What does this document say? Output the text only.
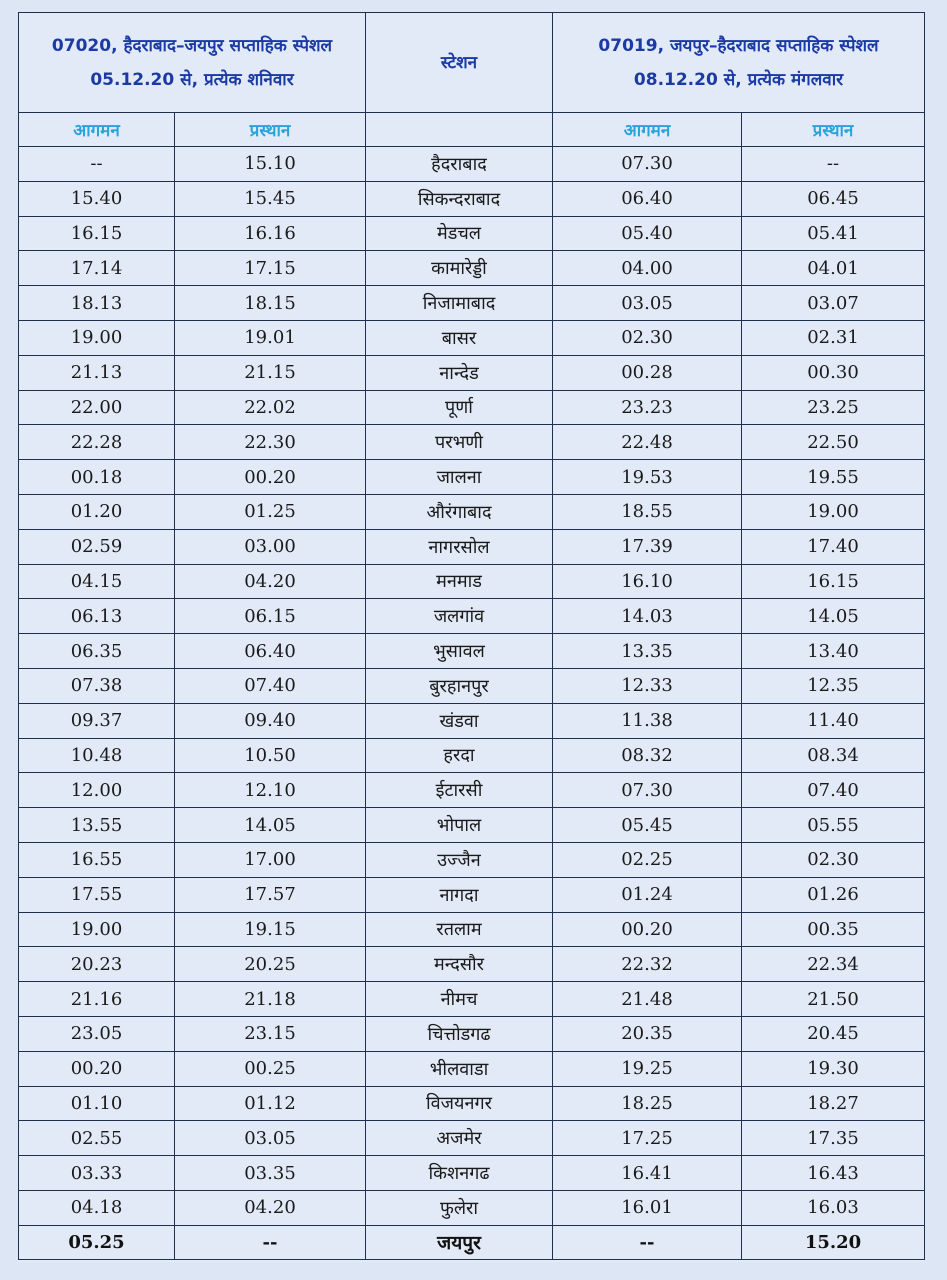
07020, हैदराबाद–जयपुर सप्ताहिक स्पेशल
05.12.20 से, प्रत्येक शनिवार		स्टेशन	07019, जयपुर–हैदराबाद सप्ताहिक स्पेशल
08.12.20 से, प्रत्येक मंगलवार	

आगमन	प्रस्थान		आगमन	प्रस्थान
--	15.10	हैदराबाद	07.30	--
15.40	15.45	सिकन्दराबाद	06.40	06.45
16.15	16.16	मेडचल	05.40	05.41
17.14	17.15	कामारेड्डी	04.00	04.01
18.13	18.15	निजामाबाद	03.05	03.07
19.00	19.01	बासर	02.30	02.31
21.13	21.15	नान्देड	00.28	00.30
22.00	22.02	पूर्णा	23.23	23.25
22.28	22.30	परभणी	22.48	22.50
00.18	00.20	जालना	19.53	19.55
01.20	01.25	औरंगाबाद	18.55	19.00
02.59	03.00	नागरसोल	17.39	17.40
04.15	04.20	मनमाड	16.10	16.15
06.13	06.15	जलगांव	14.03	14.05
06.35	06.40	भुसावल	13.35	13.40
07.38	07.40	बुरहानपुर	12.33	12.35
09.37	09.40	खंडवा	11.38	11.40
10.48	10.50	हरदा	08.32	08.34
12.00	12.10	ईटारसी	07.30	07.40
13.55	14.05	भोपाल	05.45	05.55
16.55	17.00	उज्जैन	02.25	02.30
17.55	17.57	नागदा	01.24	01.26
19.00	19.15	रतलाम	00.20	00.35
20.23	20.25	मन्दसौर	22.32	22.34
21.16	21.18	नीमच	21.48	21.50
23.05	23.15	चित्तोडगढ	20.35	20.45
00.20	00.25	भीलवाडा	19.25	19.30
01.10	01.12	विजयनगर	18.25	18.27
02.55	03.05	अजमेर	17.25	17.35
03.33	03.35	किशनगढ	16.41	16.43
04.18	04.20	फुलेरा	16.01	16.03
05.25	--	जयपुर	--	15.20
